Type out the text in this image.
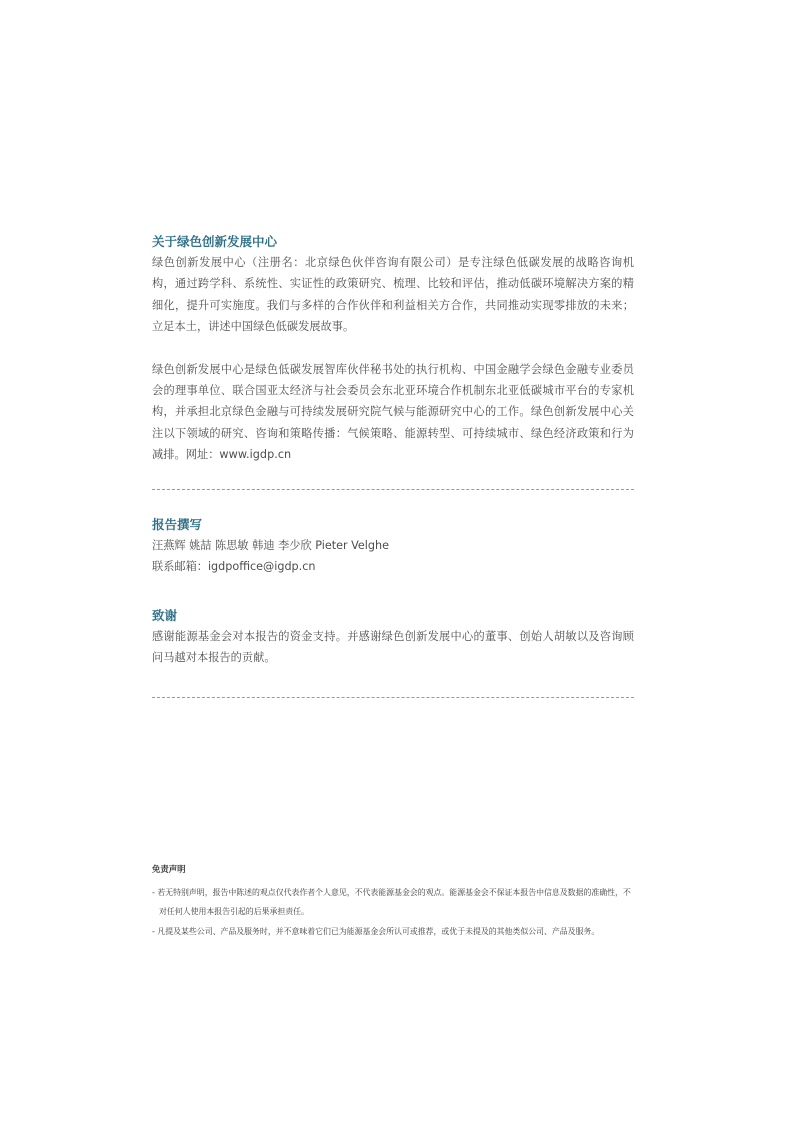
关于绿色创新发展中心

绿色创新发展中心（注册名：北京绿色伙伴咨询有限公司）是专注绿色低碳发展的战略咨询机构，通过跨学科、系统性、实证性的政策研究、梳理、比较和评估，推动低碳环境解决方案的精细化，提升可实施度。我们与多样的合作伙伴和利益相关方合作，共同推动实现零排放的未来；立足本土，讲述中国绿色低碳发展故事。

绿色创新发展中心是绿色低碳发展智库伙伴秘书处的执行机构、中国金融学会绿色金融专业委员会的理事单位、联合国亚太经济与社会委员会东北亚环境合作机制东北亚低碳城市平台的专家机构，并承担北京绿色金融与可持续发展研究院气候与能源研究中心的工作。绿色创新发展中心关注以下领域的研究、咨询和策略传播：气候策略、能源转型、可持续城市、绿色经济政策和行为减排。网址：www.igdp.cn

报告撰写

汪燕辉 姚喆 陈思敏 韩迪 李少欣 Pieter Velghe

联系邮箱：igdpoffice@igdp.cn

致谢

感谢能源基金会对本报告的资金支持。并感谢绿色创新发展中心的董事、创始人胡敏以及咨询顾问马越对本报告的贡献。

免责声明

- 若无特别声明，报告中陈述的观点仅代表作者个人意见，不代表能源基金会的观点。能源基金会不保证本报告中信息及数据的准确性，不对任何人使用本报告引起的后果承担责任。

- 凡提及某些公司、产品及服务时，并不意味着它们已为能源基金会所认可或推荐，或优于未提及的其他类似公司、产品及服务。
